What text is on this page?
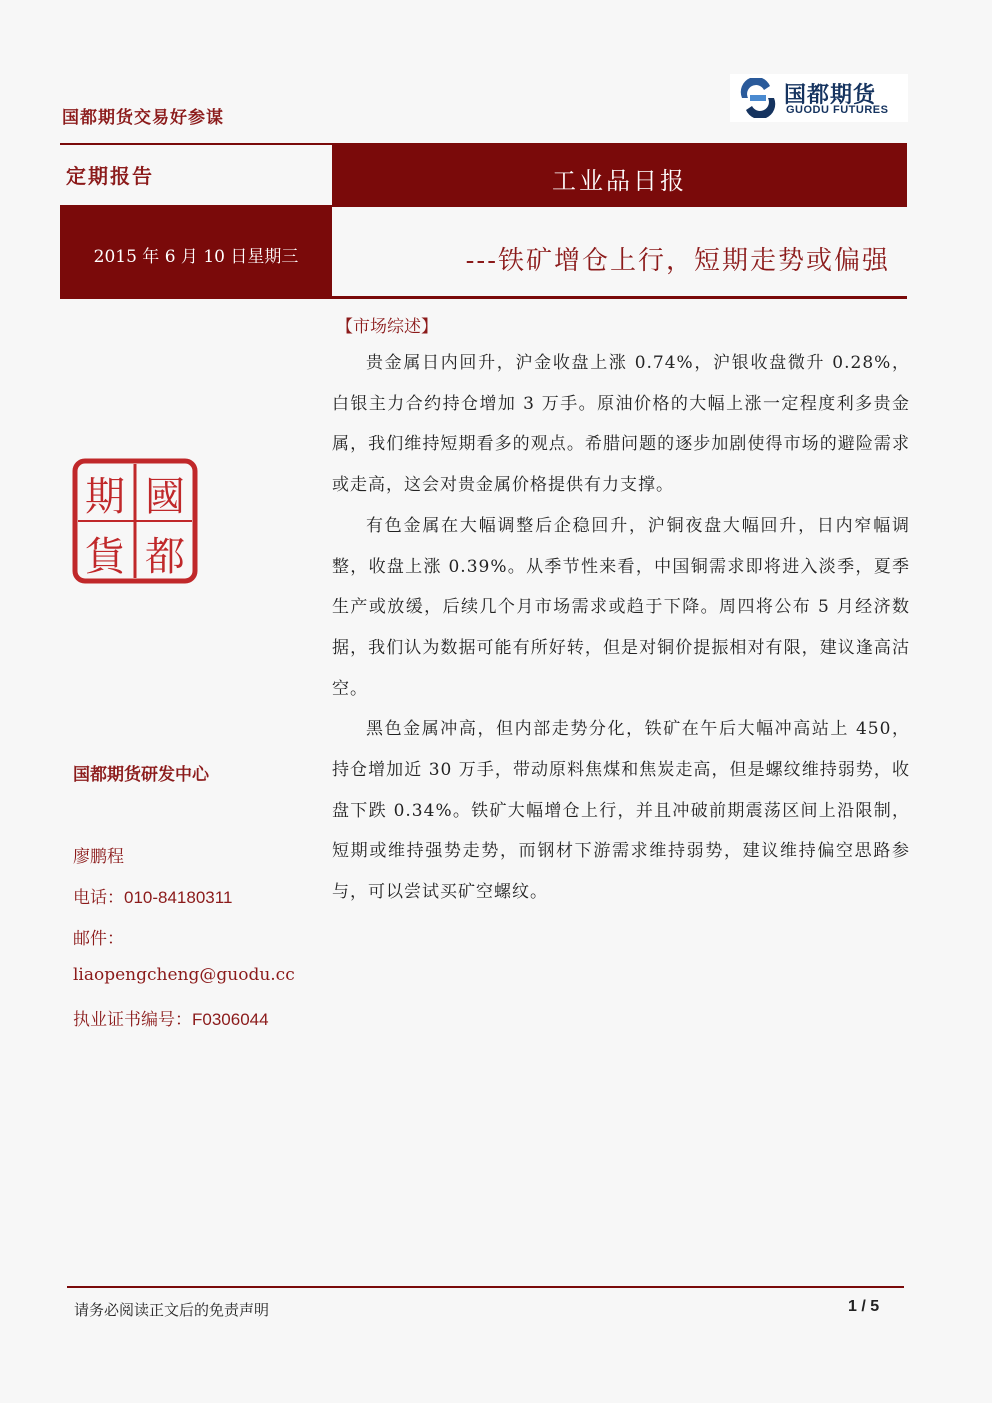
国都期货交易好参谋
国都期货
GUODU FUTURES
定期报告	工业品日报
2015 年 6 月 10 日星期三	---铁矿增仓上行，短期走势或偏强
【市场综述】

贵金属日内回升，沪金收盘上涨 0.74%，沪银收盘微升 0.28%，白银主力合约持仓增加 3 万手。原油价格的大幅上涨一定程度利多贵金属，我们维持短期看多的观点。希腊问题的逐步加剧使得市场的避险需求或走高，这会对贵金属价格提供有力支撑。

有色金属在大幅调整后企稳回升，沪铜夜盘大幅回升，日内窄幅调整，收盘上涨 0.39%。从季节性来看，中国铜需求即将进入淡季，夏季生产或放缓，后续几个月市场需求或趋于下降。周四将公布 5 月经济数据，我们认为数据可能有所好转，但是对铜价提振相对有限，建议逢高沽空。

黑色金属冲高，但内部走势分化，铁矿在午后大幅冲高站上 450，持仓增加近 30 万手，带动原料焦煤和焦炭走高，但是螺纹维持弱势，收盘下跌 0.34%。铁矿大幅增仓上行，并且冲破前期震荡区间上沿限制，短期或维持强势走势，而钢材下游需求维持弱势，建议维持偏空思路参与，可以尝试买矿空螺纹。

期 國
貨 都
国都期货研发中心
廖鹏程
电话：010-84180311
邮件：
liaopengcheng@guodu.cc
执业证书编号：F0306044
请务必阅读正文后的免责声明	1 / 5
